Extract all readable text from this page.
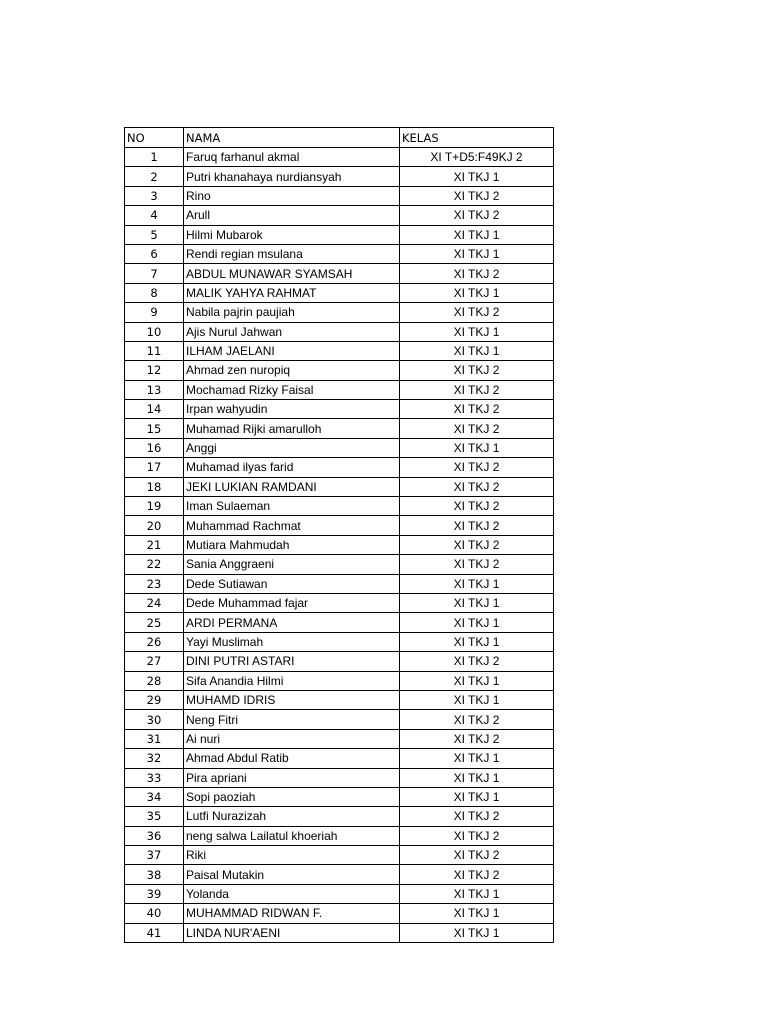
NO	NAMA	KELAS
1	Faruq farhanul akmal	XI T+D5:F49KJ 2
2	Putri khanahaya nurdiansyah	XI TKJ 1
3	Rino	XI TKJ 2
4	Arull	XI TKJ 2
5	Hilmi Mubarok	XI TKJ 1
6	Rendi regian msulana	XI TKJ 1
7	ABDUL MUNAWAR SYAMSAH	XI TKJ 2
8	MALIK YAHYA RAHMAT	XI TKJ 1
9	Nabila pajrin paujiah	XI TKJ 2
10	Ajis Nurul Jahwan	XI TKJ 1
11	ILHAM JAELANI	XI TKJ 1
12	Ahmad zen nuropiq	XI TKJ 2
13	Mochamad Rizky Faisal	XI TKJ 2
14	Irpan wahyudin	XI TKJ 2
15	Muhamad Rijki amarulloh	XI TKJ 2
16	Anggi	XI TKJ 1
17	Muhamad ilyas farid	XI TKJ 2
18	JEKI LUKIAN RAMDANI	XI TKJ 2
19	Iman Sulaeman	XI TKJ 2
20	Muhammad Rachmat	XI TKJ 2
21	Mutiara Mahmudah	XI TKJ 2
22	Sania Anggraeni	XI TKJ 2
23	Dede Sutiawan	XI TKJ 1
24	Dede Muhammad fajar	XI TKJ 1
25	ARDI PERMANA	XI TKJ 1
26	Yayi Muslimah	XI TKJ 1
27	DINI PUTRI ASTARI	XI TKJ 2
28	Sifa Anandia Hilmi	XI TKJ 1
29	MUHAMD IDRIS	XI TKJ 1
30	Neng Fitri	XI TKJ 2
31	Ai nuri	XI TKJ 2
32	Ahmad Abdul Ratib	XI TKJ 1
33	Pira apriani	XI TKJ 1
34	Sopi paoziah	XI TKJ 1
35	Lutfi Nurazizah	XI TKJ 2
36	neng salwa Lailatul khoeriah	XI TKJ 2
37	Riki	XI TKJ 2
38	Paisal Mutakin	XI TKJ 2
39	Yolanda	XI TKJ 1
40	MUHAMMAD RIDWAN F.	XI TKJ 1
41	LINDA NUR'AENI	XI TKJ 1
